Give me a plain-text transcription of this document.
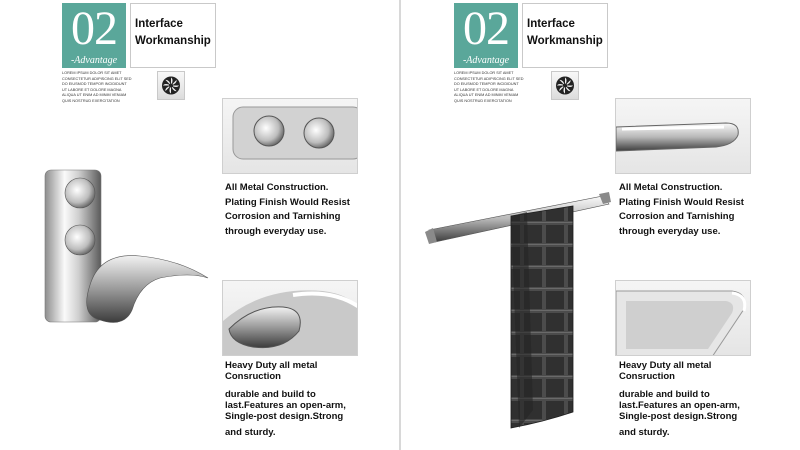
02
-Advantage
Interface
Workmanship
LOREM IPSUM DOLOR SIT AMET CONSECTETUR ADIPISCING ELIT SED DO EIUSMOD TEMPOR INCIDIDUNT UT LABORE ET DOLORE MAGNA ALIQUA UT ENIM AD MINIM VENIAM QUIS NOSTRUD EXERCITATION
All Metal Construction.
Plating Finish Would Resist
Corrosion and Tarnishing
through everyday use.
Heavy Duty all metal Consruction
durable and build to last.Features an open-arm,
Single-post design.Strong
and sturdy.
02
-Advantage
Interface
Workmanship
LOREM IPSUM DOLOR SIT AMET CONSECTETUR ADIPISCING ELIT SED DO EIUSMOD TEMPOR INCIDIDUNT UT LABORE ET DOLORE MAGNA ALIQUA UT ENIM AD MINIM VENIAM QUIS NOSTRUD EXERCITATION
All Metal Construction.
Plating Finish Would Resist
Corrosion and Tarnishing
through everyday use.
Heavy Duty all metal Consruction
durable and build to last.Features an open-arm,
Single-post design.Strong
and sturdy.
